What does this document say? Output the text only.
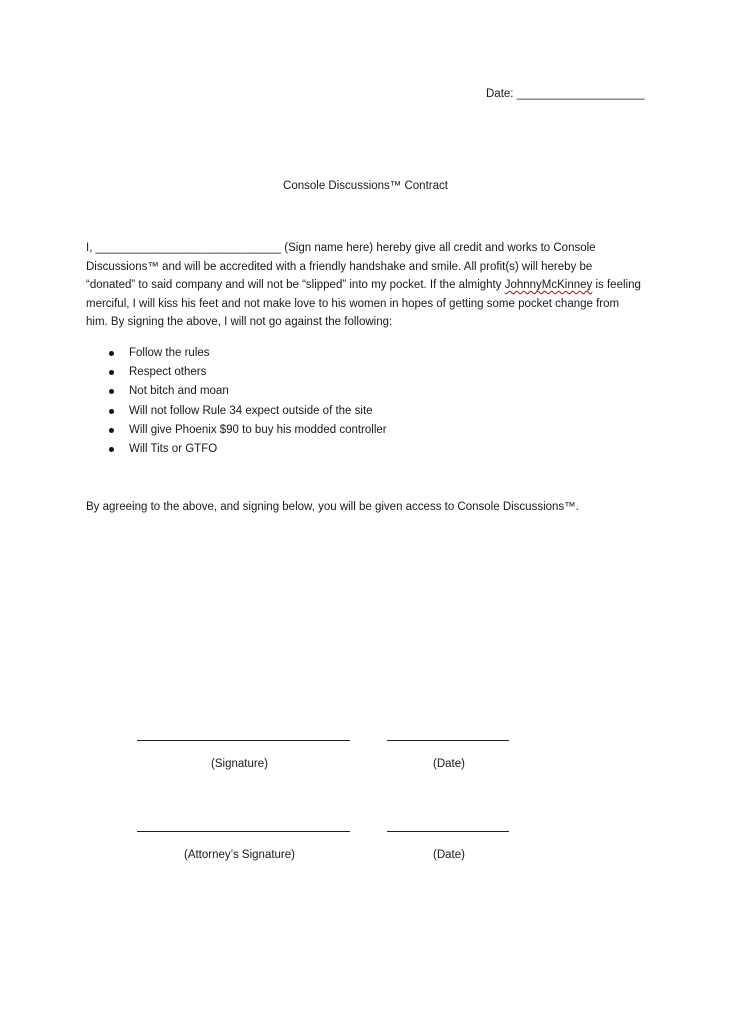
Date: ____________________
Console Discussions™ Contract
I, _____________________________ (Sign name here) hereby give all credit and works to Console Discussions™ and will be accredited with a friendly handshake and smile. All profit(s) will hereby be “donated” to said company and will not be “slipped” into my pocket. If the almighty JohnnyMcKinney is feeling merciful, I will kiss his feet and not make love to his women in hopes of getting some pocket change from him. By signing the above, I will not go against the following:
Follow the rules
Respect others
Not bitch and moan
Will not follow Rule 34 expect outside of the site
Will give Phoenix $90 to buy his modded controller
Will Tits or GTFO
By agreeing to the above, and signing below, you will be given access to Console Discussions™.
(Signature)	(Date)
(Attorney’s Signature)	(Date)
